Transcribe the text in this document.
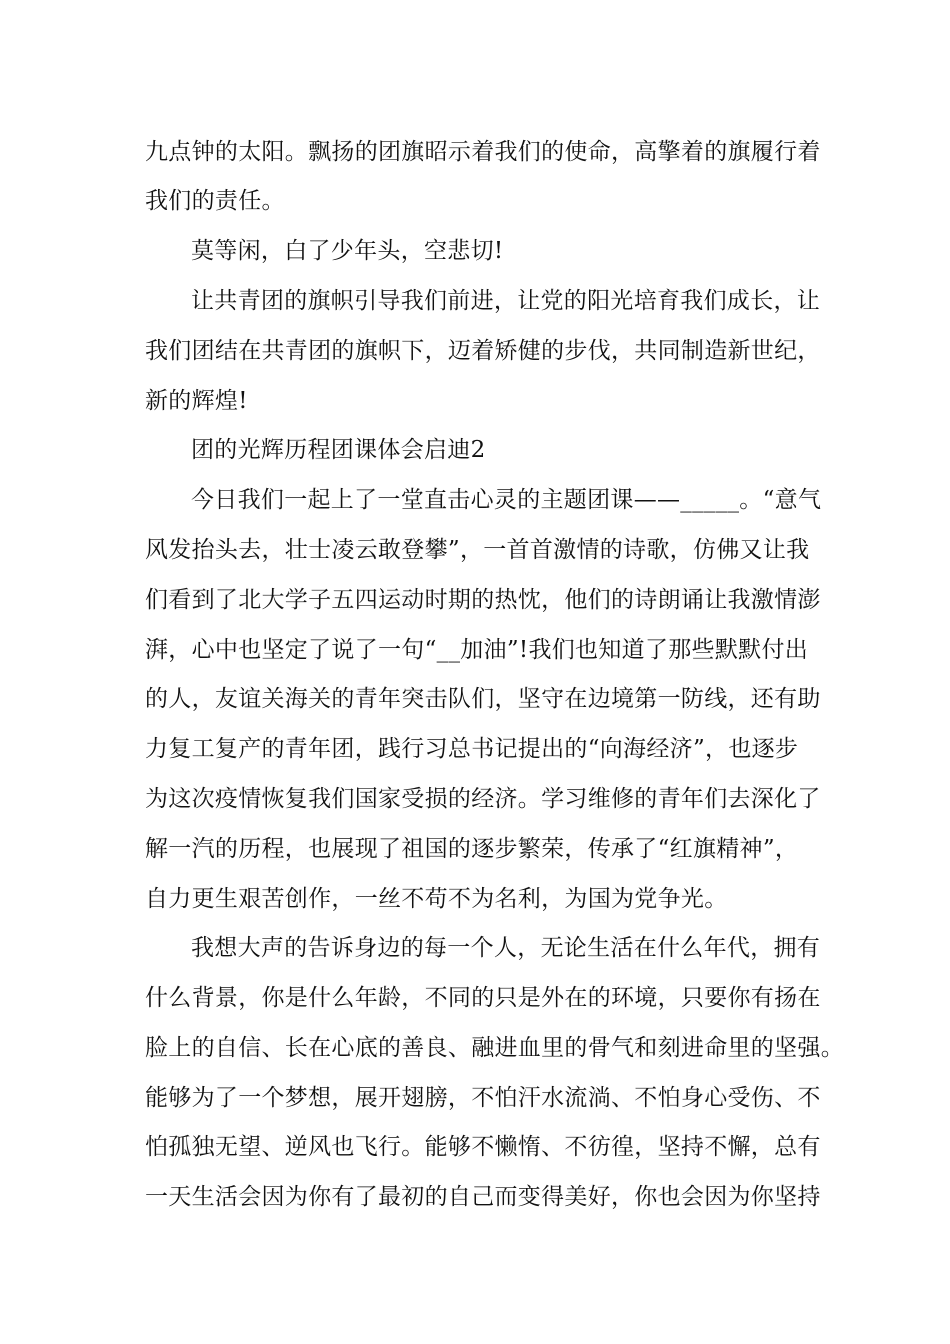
九点钟的太阳。飘扬的团旗昭示着我们的使命，高擎着的旗履行着
我们的责任。
莫等闲，白了少年头，空悲切!
让共青团的旗帜引导我们前进，让党的阳光培育我们成长，让
我们团结在共青团的旗帜下，迈着矫健的步伐，共同制造新世纪，
新的辉煌!
团的光辉历程团课体会启迪2
今日我们一起上了一堂直击心灵的主题团课——_____。“意气
风发抬头去，壮士凌云敢登攀”，一首首激情的诗歌，仿佛又让我
们看到了北大学子五四运动时期的热忱，他们的诗朗诵让我激情澎
湃，心中也坚定了说了一句“__加油”!我们也知道了那些默默付出
的人，友谊关海关的青年突击队们，坚守在边境第一防线，还有助
力复工复产的青年团，践行习总书记提出的“向海经济”，也逐步
为这次疫情恢复我们国家受损的经济。学习维修的青年们去深化了
解一汽的历程，也展现了祖国的逐步繁荣，传承了“红旗精神”，
自力更生艰苦创作，一丝不苟不为名利，为国为党争光。
我想大声的告诉身边的每一个人，无论生活在什么年代，拥有
什么背景，你是什么年龄，不同的只是外在的环境，只要你有扬在
脸上的自信、长在心底的善良、融进血里的骨气和刻进命里的坚强。
能够为了一个梦想，展开翅膀，不怕汗水流淌、不怕身心受伤、不
怕孤独无望、逆风也飞行。能够不懒惰、不彷徨，坚持不懈，总有
一天生活会因为你有了最初的自己而变得美好，你也会因为你坚持
